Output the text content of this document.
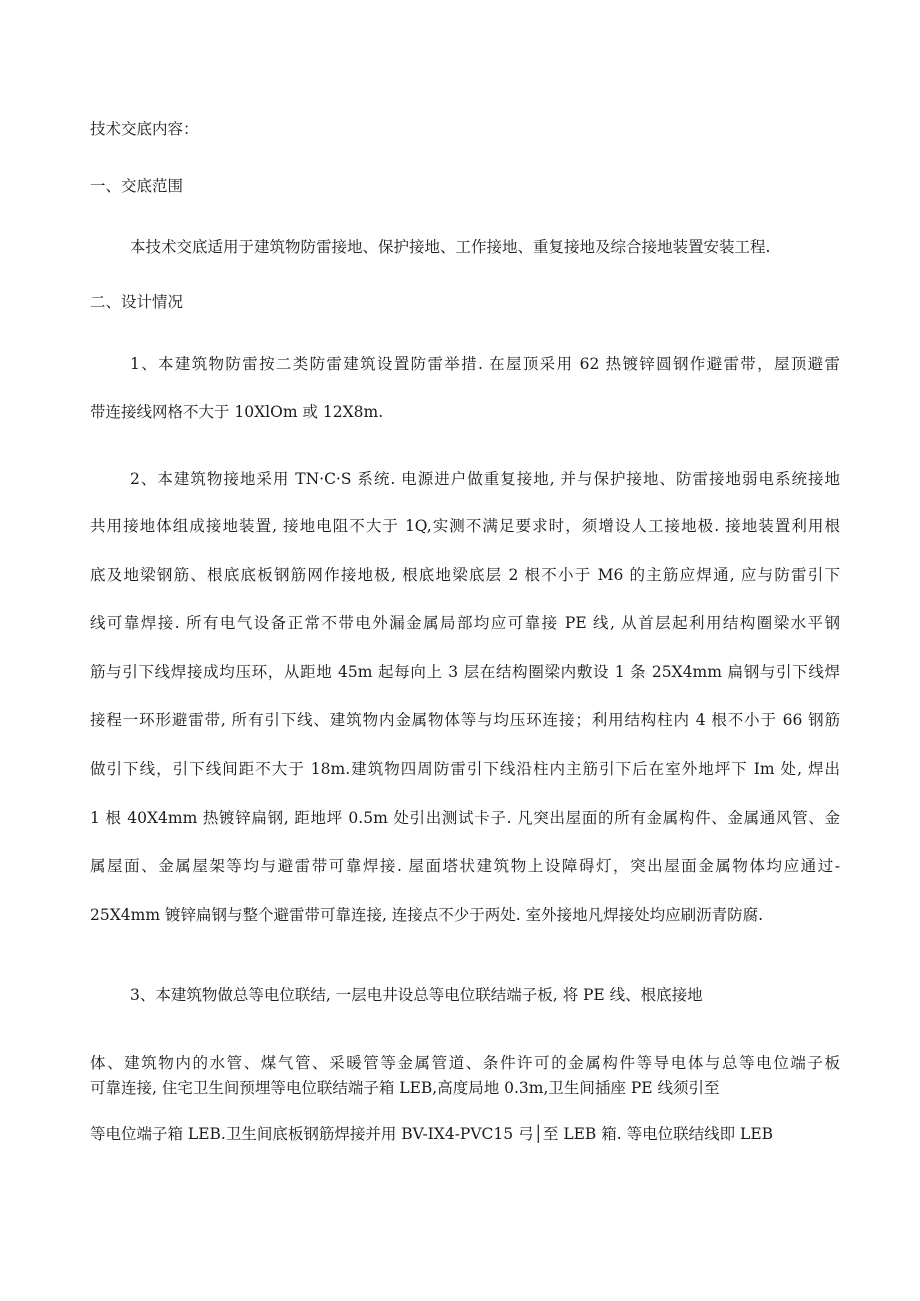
技术交底内容：
一、交底范围
本技术交底适用于建筑物防雷接地、保护接地、工作接地、重复接地及综合接地装置安装工程.
二、设计情况
1、本建筑物防雷按二类防雷建筑设置防雷举措. 在屋顶采用 62 热镀锌圆钢作避雷带，屋顶避雷
带连接线网格不大于 10XlOm 或 12X8m.
2、本建筑物接地采用 TN·C·S 系统. 电源进户做重复接地, 并与保护接地、防雷接地弱电系统接地
共用接地体组成接地装置, 接地电阻不大于 1Q,实测不满足要求时，须增设人工接地极. 接地装置利用根
底及地梁钢筋、根底底板钢筋网作接地极, 根底地梁底层 2 根不小于 M6 的主筋应焊通, 应与防雷引下
线可靠焊接. 所有电气设备正常不带电外漏金属局部均应可靠接 PE 线, 从首层起利用结构圈梁水平钢
筋与引下线焊接成均压环，从距地 45m 起每向上 3 层在结构圈梁内敷设 1 条 25X4mm 扁钢与引下线焊
接程一环形避雷带, 所有引下线、建筑物内金属物体等与均压环连接；利用结构柱内 4 根不小于 66 钢筋
做引下线，引下线间距不大于 18m.建筑物四周防雷引下线沿柱内主筋引下后在室外地坪下 Im 处, 焊出
1 根 40X4mm 热镀锌扁钢, 距地坪 0.5m 处引出测试卡子. 凡突出屋面的所有金属构件、金属通风管、金
属屋面、金属屋架等均与避雷带可靠焊接. 屋面塔状建筑物上设障碍灯，突出屋面金属物体均应通过-
25X4mm 镀锌扁钢与整个避雷带可靠连接, 连接点不少于两处. 室外接地凡焊接处均应刷沥青防腐.
3、本建筑物做总等电位联结, 一层电井设总等电位联结端子板, 将 PE 线、根底接地
体、建筑物内的水管、煤气管、采暖管等金属管道、条件许可的金属构件等导电体与总等电位端子板
可靠连接, 住宅卫生间预埋等电位联结端子箱 LEB,高度局地 0.3m,卫生间插座 PE 线须引至
等电位端子箱 LEB.卫生间底板钢筋焊接并用 BV-IX4-PVC15 弓│至 LEB 箱. 等电位联结线即 LEB
